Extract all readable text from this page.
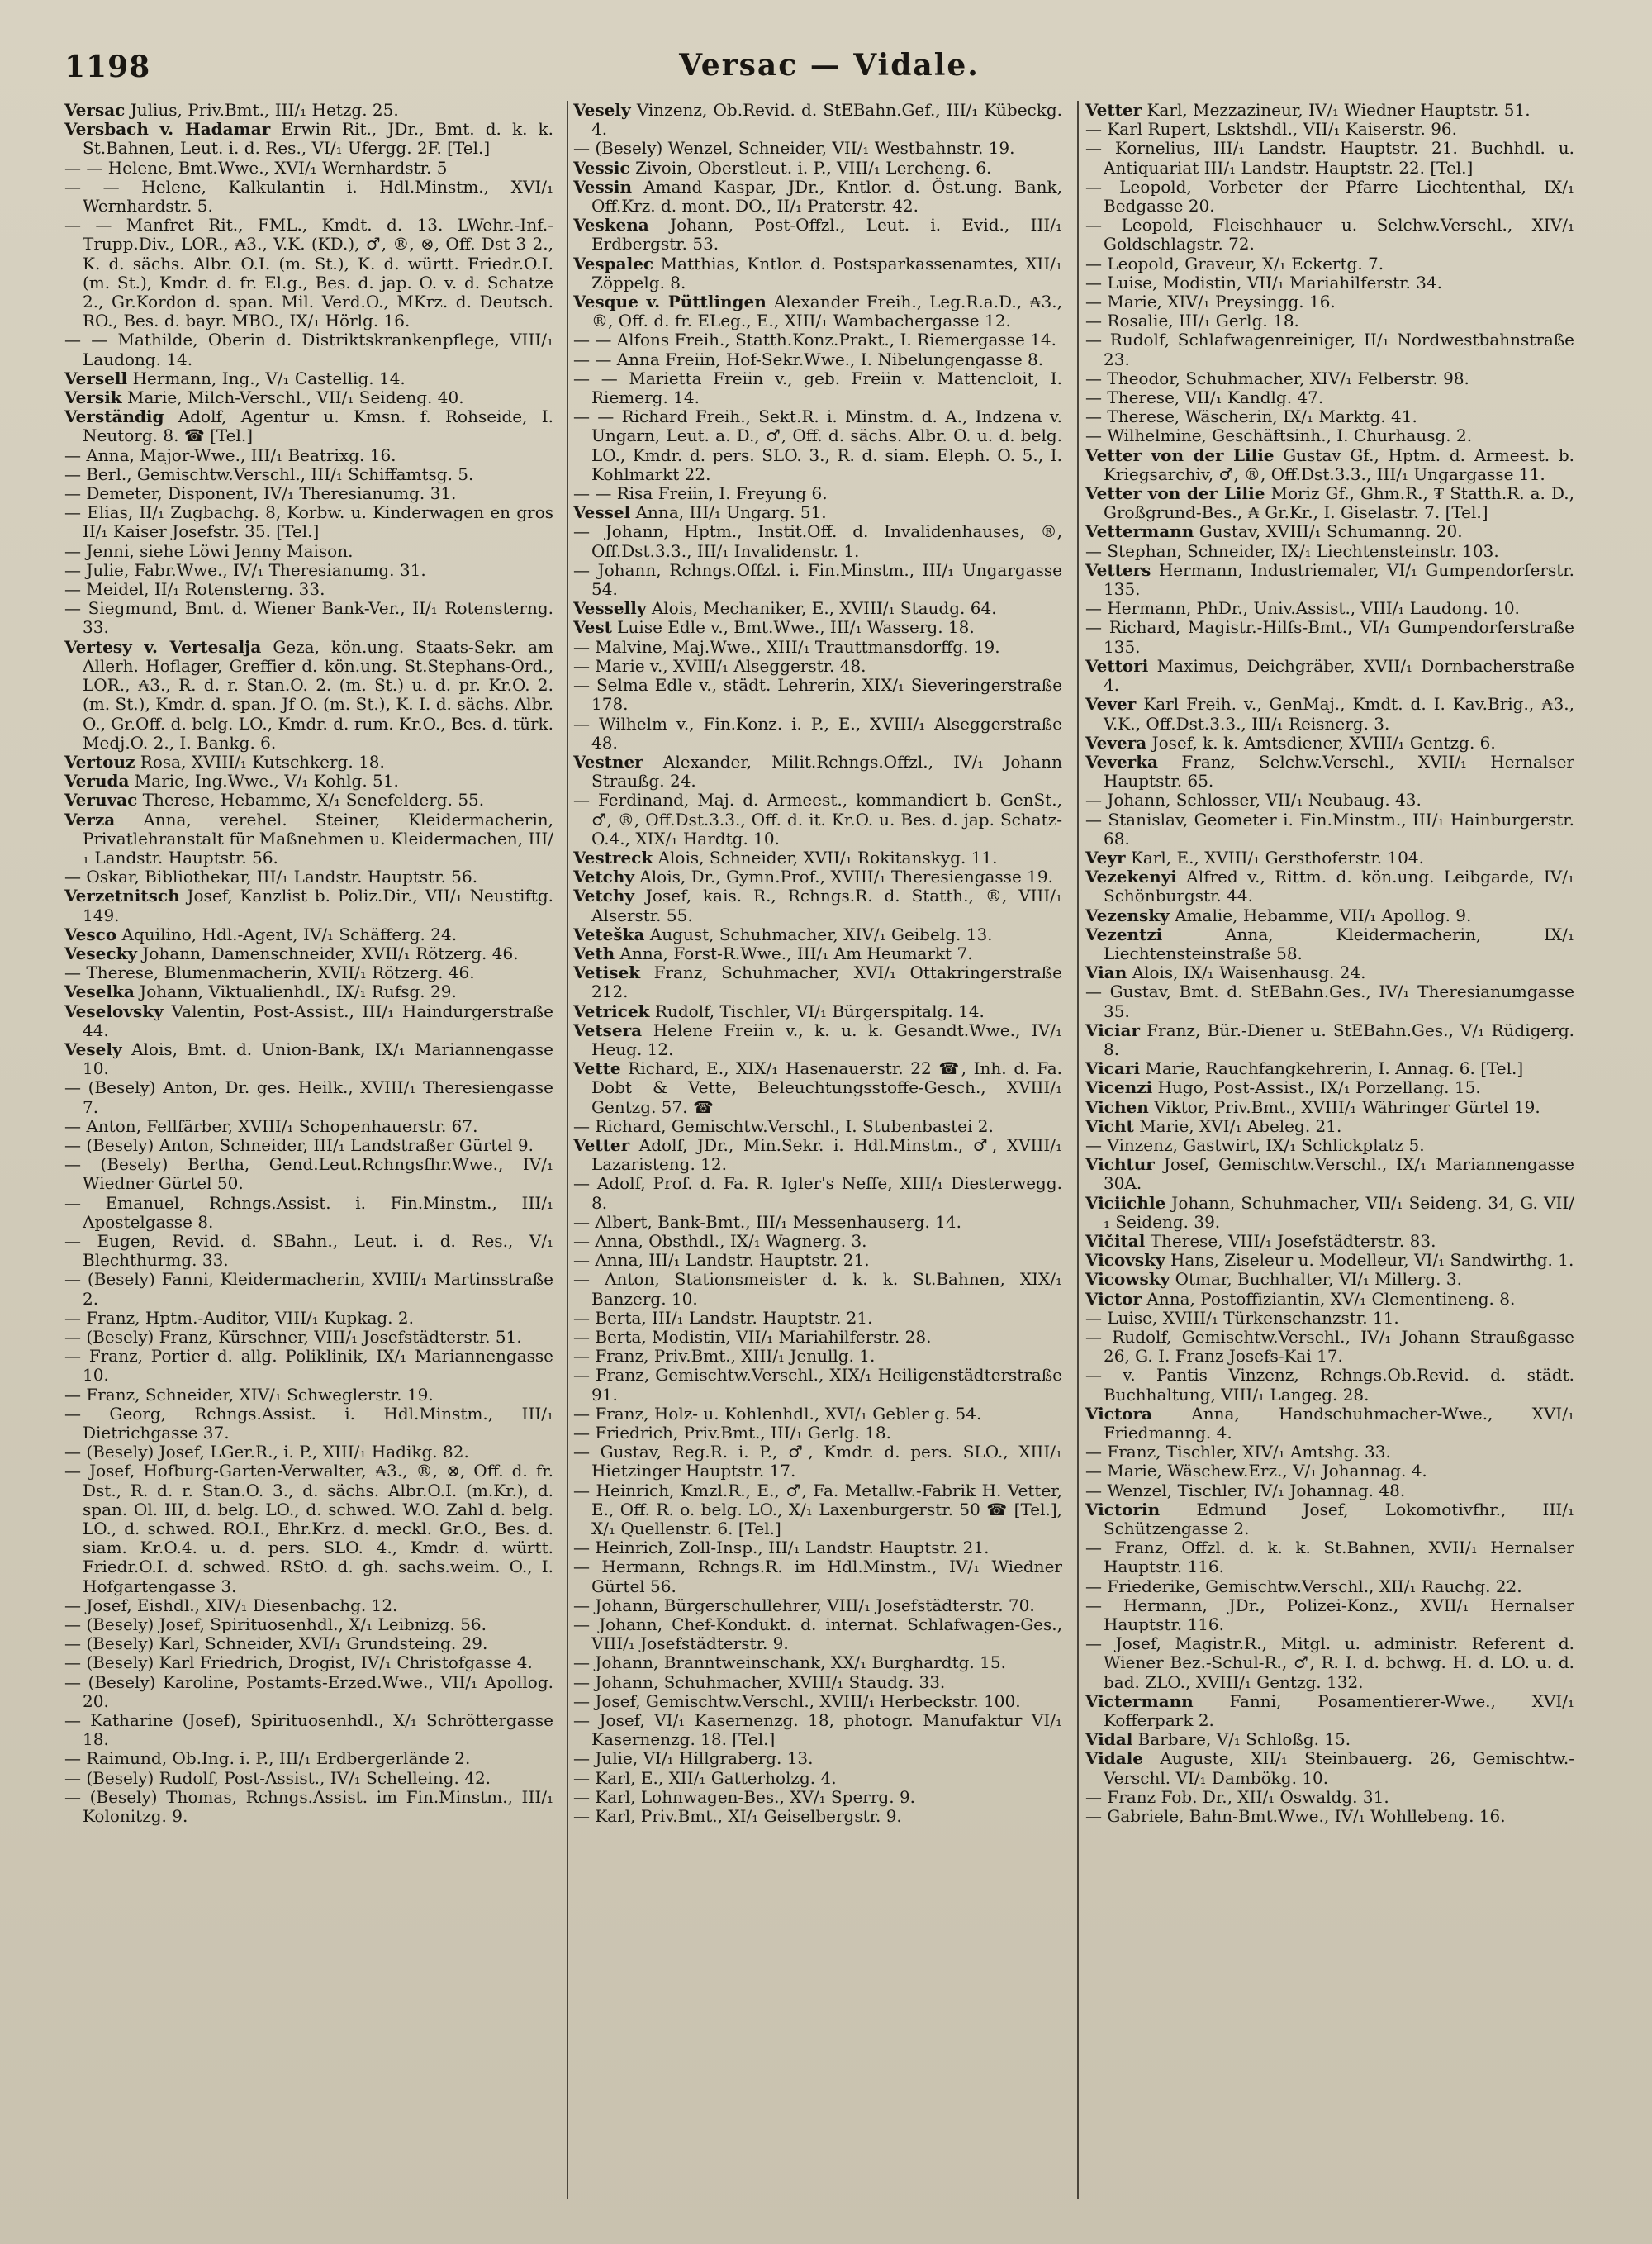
1198	Versac — Vidale.

Versac Julius, Priv.Bmt., III/₁ Hetzg. 25.

Versbach v. Hadamar Erwin Rit., JDr., Bmt. d. k. k. St.Bahnen, Leut. i. d. Res., VI/₁ Ufergg. 2F. [Tel.]

— — Helene, Bmt.Wwe., XVI/₁ Wernhardstr. 5

— — Helene, Kalkulantin i. Hdl.Minstm., XVI/₁ Wernhardstr. 5.

— — Manfret Rit., FML., Kmdt. d. 13. LWehr.-Inf.-Trupp.Div., LOR., ₳3., V.K. (KD.), ♂, ®, ⊗, Off. Dst 3 2., K. d. sächs. Albr. O.I. (m. St.), K. d. württ. Friedr.O.I. (m. St.), Kmdr. d. fr. El.g., Bes. d. jap. O. v. d. Schatze 2., Gr.Kordon d. span. Mil. Verd.O., MKrz. d. Deutsch. RO., Bes. d. bayr. MBO., IX/₁ Hörlg. 16.

— — Mathilde, Oberin d. Distriktskrankenpflege, VIII/₁ Laudong. 14.

Versell Hermann, Ing., V/₁ Castellig. 14.

Versik Marie, Milch-Verschl., VII/₁ Seidenɡ. 40.

Verständig Adolf, Agentur u. Kmsn. f. Rohseide, I. Neutorg. 8. ☎ [Tel.]

— Anna, Major-Wwe., III/₁ Beatrixg. 16.

— Berl., Gemischtw.Verschl., III/₁ Schiffamtsg. 5.

— Demeter, Disponent, IV/₁ Theresianumg. 31.

— Elias, II/₁ Zugbachg. 8, Korbw. u. Kinderwagen en gros II/₁ Kaiser Josefstr. 35. [Tel.]

— Jenni, siehe Löwi Jenny Maison.

— Julie, Fabr.Wwe., IV/₁ Theresianumg. 31.

— Meidel, II/₁ Rotensterng. 33.

— Siegmund, Bmt. d. Wiener Bank-Ver., II/₁ Rotensterng. 33.

Vertesy v. Vertesalja Geza, kön.ung. Staats-Sekr. am Allerh. Hoflager, Greffier d. kön.ung. St.Stephans-Ord., LOR., ₳3., R. d. r. Stan.O. 2. (m. St.) u. d. pr. Kr.O. 2. (m. St.), Kmdr. d. span. Jf O. (m. St.), K. I. d. sächs. Albr. O., Gr.Off. d. belg. LO., Kmdr. d. rum. Kr.O., Bes. d. türk. Medj.O. 2., I. Bankg. 6.

Vertouz Rosa, XVIII/₁ Kutschkerg. 18.

Veruda Marie, Ing.Wwe., V/₁ Kohlg. 51.

Veruvac Therese, Hebamme, X/₁ Senefelderg. 55.

Verza Anna, verehel. Steiner, Kleidermacherin, Privatlehranstalt für Maßnehmen u. Kleidermachen, III/₁ Landstr. Hauptstr. 56.

— Oskar, Bibliothekar, III/₁ Landstr. Hauptstr. 56.

Verzetnitsch Josef, Kanzlist b. Poliz.Dir., VII/₁ Neustiftg. 149.

Vesco Aquilino, Hdl.-Agent, IV/₁ Schäfferg. 24.

Vesecky Johann, Damenschneider, XVII/₁ Rötzerg. 46.

— Therese, Blumenmacherin, XVII/₁ Rötzerg. 46.

Veselka Johann, Viktualienhdl., IX/₁ Rufsg. 29.

Veselovsky Valentin, Post-Assist., III/₁ Haindurgerstraße 44.

Vesely Alois, Bmt. d. Union-Bank, IX/₁ Mariannengasse 10.

— (Besely) Anton, Dr. ges. Heilk., XVIII/₁ Theresiengasse 7.

— Anton, Fellfärber, XVIII/₁ Schopenhauerstr. 67.

— (Besely) Anton, Schneider, III/₁ Landstraßer Gürtel 9.

— (Besely) Bertha, Gend.Leut.Rchngsfhr.Wwe., IV/₁ Wiedner Gürtel 50.

— Emanuel, Rchngs.Assist. i. Fin.Minstm., III/₁ Apostelgasse 8.

— Eugen, Revid. d. SBahn., Leut. i. d. Res., V/₁ Blechthurmg. 33.

— (Besely) Fanni, Kleidermacherin, XVIII/₁ Martinsstraße 2.

— Franz, Hptm.-Auditor, VIII/₁ Kupkag. 2.

— (Besely) Franz, Kürschner, VIII/₁ Josefstädterstr. 51.

— Franz, Portier d. allg. Poliklinik, IX/₁ Mariannengasse 10.

— Franz, Schneider, XIV/₁ Schweglerstr. 19.

— Georg, Rchngs.Assist. i. Hdl.Minstm., III/₁ Dietrichgasse 37.

— (Besely) Josef, LGer.R., i. P., XIII/₁ Hadikg. 82.

— Josef, Hofburg-Garten-Verwalter, ₳3., ®, ⊗, Off. d. fr. Dst., R. d. r. Stan.O. 3., d. sächs. Albr.O.I. (m.Kr.), d. span. Ol. III, d. belg. LO., d. schwed. W.O. Zahl d. belg. LO., d. schwed. RO.I., Ehr.Krz. d. meckl. Gr.O., Bes. d. siam. Kr.O.4. u. d. pers. SLO. 4., Kmdr. d. württ. Friedr.O.I. d. schwed. RStO. d. gh. sachs.weim. O., I. Hofgartengasse 3.

— Josef, Eishdl., XIV/₁ Diesenbachg. 12.

— (Besely) Josef, Spirituosenhdl., X/₁ Leibnizg. 56.

— (Besely) Karl, Schneider, XVI/₁ Grundsteing. 29.

— (Besely) Karl Friedrich, Drogist, IV/₁ Christofgasse 4.

— (Besely) Karoline, Postamts-Erzed.Wwe., VII/₁ Apollog. 20.

— Katharine (Josef), Spirituosenhdl., X/₁ Schröttergasse 18.

— Raimund, Ob.Ing. i. P., III/₁ Erdbergerlände 2.

— (Besely) Rudolf, Post-Assist., IV/₁ Schelleing. 42.

— (Besely) Thomas, Rchngs.Assist. im Fin.Minstm., III/₁ Kolonitzg. 9.

Vesely Vinzenz, Ob.Revid. d. StEBahn.Gef., III/₁ Kübeckg. 4.

— (Besely) Wenzel, Schneider, VII/₁ Westbahnstr. 19.

Vessic Zivoin, Oberstleut. i. P., VIII/₁ Lercheng. 6.

Vessin Amand Kaspar, JDr., Kntlor. d. Öst.ung. Bank, Off.Krz. d. mont. DO., II/₁ Praterstr. 42.

Veskena Johann, Post-Offzl., Leut. i. Evid., III/₁ Erdbergstr. 53.

Vespalec Matthias, Kntlor. d. Postsparkassenamtes, XII/₁ Zöppelg. 8.

Vesque v. Püttlingen Alexander Freih., Leg.R.a.D., ₳3., ®, Off. d. fr. ELeg., E., XIII/₁ Wambachergasse 12.

— — Alfons Freih., Statth.Konz.Prakt., I. Riemergasse 14.

— — Anna Freiin, Hof-Sekr.Wwe., I. Nibelungengasse 8.

— — Marietta Freiin v., geb. Freiin v. Mattencloit, I. Riemerg. 14.

— — Richard Freih., Sekt.R. i. Minstm. d. A., Indzena v. Ungarn, Leut. a. D., ♂, Off. d. sächs. Albr. O. u. d. belg. LO., Kmdr. d. pers. SLO. 3., R. d. siam. Eleph. O. 5., I. Kohlmarkt 22.

— — Risa Freiin, I. Freyung 6.

Vessel Anna, III/₁ Ungarg. 51.

— Johann, Hptm., Instit.Off. d. Invalidenhauses, ®, Off.Dst.3.3., III/₁ Invalidenstr. 1.

— Johann, Rchngs.Offzl. i. Fin.Minstm., III/₁ Ungargasse 54.

Vesselly Alois, Mechaniker, E., XVIII/₁ Staudg. 64.

Vest Luise Edle v., Bmt.Wwe., III/₁ Wasserg. 18.

— Malvine, Maj.Wwe., XIII/₁ Trauttmansdorffg. 19.

— Marie v., XVIII/₁ Alseggerstr. 48.

— Selma Edle v., städt. Lehrerin, XIX/₁ Sieveringerstraße 178.

— Wilhelm v., Fin.Konz. i. P., E., XVIII/₁ Alseggerstraße 48.

Vestner Alexander, Milit.Rchngs.Offzl., IV/₁ Johann Straußg. 24.

— Ferdinand, Maj. d. Armeest., kommandiert b. GenSt., ♂, ®, Off.Dst.3.3., Off. d. it. Kr.O. u. Bes. d. jap. Schatz-O.4., XIX/₁ Hardtg. 10.

Vestreck Alois, Schneider, XVII/₁ Rokitanskyg. 11.

Vetchy Alois, Dr., Gymn.Prof., XVIII/₁ Theresiengasse 19.

Vetchy Josef, kais. R., Rchngs.R. d. Statth., ®, VIII/₁ Alserstr. 55.

Veteška August, Schuhmacher, XIV/₁ Geibelg. 13.

Veth Anna, Forst-R.Wwe., III/₁ Am Heumarkt 7.

Vetisek Franz, Schuhmacher, XVI/₁ Ottakringerstraße 212.

Vetricek Rudolf, Tischler, VI/₁ Bürgerspitalg. 14.

Vetsera Helene Freiin v., k. u. k. Gesandt.Wwe., IV/₁ Heug. 12.

Vette Richard, E., XIX/₁ Hasenauerstr. 22 ☎, Inh. d. Fa. Dobt & Vette, Beleuchtungsstoffe-Gesch., XVIII/₁ Gentzg. 57. ☎

— Richard, Gemischtw.Verschl., I. Stubenbastei 2.

Vetter Adolf, JDr., Min.Sekr. i. Hdl.Minstm., ♂, XVIII/₁ Lazaristeng. 12.

— Adolf, Prof. d. Fa. R. Igler's Neffe, XIII/₁ Diesterwegg. 8.

— Albert, Bank-Bmt., III/₁ Messenhauserg. 14.

— Anna, Obsthdl., IX/₁ Wagnerg. 3.

— Anna, III/₁ Landstr. Hauptstr. 21.

— Anton, Stationsmeister d. k. k. St.Bahnen, XIX/₁ Banzerg. 10.

— Berta, III/₁ Landstr. Hauptstr. 21.

— Berta, Modistin, VII/₁ Mariahilferstr. 28.

— Franz, Priv.Bmt., XIII/₁ Jenullg. 1.

— Franz, Gemischtw.Verschl., XIX/₁ Heiligenstädterstraße 91.

— Franz, Holz- u. Kohlenhdl., XVI/₁ Gebler g. 54.

— Friedrich, Priv.Bmt., III/₁ Gerlg. 18.

— Gustav, Reg.R. i. P., ♂, Kmdr. d. pers. SLO., XIII/₁ Hietzinger Hauptstr. 17.

— Heinrich, Kmzl.R., E., ♂, Fa. Metallw.-Fabrik H. Vetter, E., Off. R. o. belg. LO., X/₁ Laxenburgerstr. 50 ☎ [Tel.], X/₁ Quellenstr. 6. [Tel.]

— Heinrich, Zoll-Insp., III/₁ Landstr. Hauptstr. 21.

— Hermann, Rchngs.R. im Hdl.Minstm., IV/₁ Wiedner Gürtel 56.

— Johann, Bürgerschullehrer, VIII/₁ Josefstädterstr. 70.

— Johann, Chef-Kondukt. d. internat. Schlafwagen-Ges., VIII/₁ Josefstädterstr. 9.

— Johann, Branntweinschank, XX/₁ Burghardtg. 15.

— Johann, Schuhmacher, XVIII/₁ Staudg. 33.

— Josef, Gemischtw.Verschl., XVIII/₁ Herbeckstr. 100.

— Josef, VI/₁ Kasernenzg. 18, photogr. Manufaktur VI/₁ Kasernenzg. 18. [Tel.]

— Julie, VI/₁ Hillgraberg. 13.

— Karl, E., XII/₁ Gatterholzg. 4.

— Karl, Lohnwagen-Bes., XV/₁ Sperrg. 9.

— Karl, Priv.Bmt., XI/₁ Geiselbergstr. 9.

Vetter Karl, Mezzazineur, IV/₁ Wiedner Hauptstr. 51.

— Karl Rupert, Lsktshdl., VII/₁ Kaiserstr. 96.

— Kornelius, III/₁ Landstr. Hauptstr. 21. Buchhdl. u. Antiquariat III/₁ Landstr. Hauptstr. 22. [Tel.]

— Leopold, Vorbeter der Pfarre Liechtenthal, IX/₁ Bedgasse 20.

— Leopold, Fleischhauer u. Selchw.Verschl., XIV/₁ Goldschlagstr. 72.

— Leopold, Graveur, X/₁ Eckertg. 7.

— Luise, Modistin, VII/₁ Mariahilferstr. 34.

— Marie, XIV/₁ Preysingg. 16.

— Rosalie, III/₁ Gerlg. 18.

— Rudolf, Schlafwagenreiniger, II/₁ Nordwestbahnstraße 23.

— Theodor, Schuhmacher, XIV/₁ Felberstr. 98.

— Therese, VII/₁ Kandlg. 47.

— Therese, Wäscherin, IX/₁ Marktg. 41.

— Wilhelmine, Geschäftsinh., I. Churhausg. 2.

Vetter von der Lilie Gustav Gf., Hptm. d. Armeest. b. Kriegsarchiv, ♂, ®, Off.Dst.3.3., III/₁ Ungargasse 11.

Vetter von der Lilie Moriz Gf., Ghm.R., ₮ Statth.R. a. D., Großgrund-Bes., ₳ Gr.Kr., I. Giselastr. 7. [Tel.]

Vettermann Gustav, XVIII/₁ Schumanng. 20.

— Stephan, Schneider, IX/₁ Liechtensteinstr. 103.

Vetters Hermann, Industriemaler, VI/₁ Gumpendorferstr. 135.

— Hermann, PhDr., Univ.Assist., VIII/₁ Laudong. 10.

— Richard, Magistr.-Hilfs-Bmt., VI/₁ Gumpendorferstraße 135.

Vettori Maximus, Deichgräber, XVII/₁ Dornbacherstraße 4.

Vever Karl Freih. v., GenMaj., Kmdt. d. I. Kav.Brig., ₳3., V.K., Off.Dst.3.3., III/₁ Reisnerg. 3.

Vevera Josef, k. k. Amtsdiener, XVIII/₁ Gentzg. 6.

Veverka Franz, Selchw.Verschl., XVII/₁ Hernalser Hauptstr. 65.

— Johann, Schlosser, VII/₁ Neubaug. 43.

— Stanislav, Geometer i. Fin.Minstm., III/₁ Hainburgerstr. 68.

Veyr Karl, E., XVIII/₁ Gersthoferstr. 104.

Vezekenyi Alfred v., Rittm. d. kön.ung. Leibgarde, IV/₁ Schönburgstr. 44.

Vezensky Amalie, Hebamme, VII/₁ Apollog. 9.

Vezentzi	Anna, Kleidermacherin, IX/₁ Liechtensteinstraße 58.

Vian Alois, IX/₁ Waisenhausg. 24.

— Gustav, Bmt. d. StEBahn.Ges., IV/₁ Theresianumgasse 35.

Viciar Franz, Bür.-Diener u. StEBahn.Ges., V/₁ Rüdigerg. 8.

Vicari Marie, Rauchfangkehrerin, I. Annag. 6. [Tel.]

Vicenzi Hugo, Post-Assist., IX/₁ Porzellang. 15.

Vichen Viktor, Priv.Bmt., XVIII/₁ Währinger Gürtel 19.

Vicht Marie, XVI/₁ Abeleg. 21.

— Vinzenz, Gastwirt, IX/₁ Schlickplatz 5.

Vichtur Josef, Gemischtw.Verschl., IX/₁ Mariannengasse 30A.

Viciichle Johann, Schuhmacher, VII/₁ Seideng. 34, G. VII/₁ Seideng. 39.

Vičital Therese, VIII/₁ Josefstädterstr. 83.

Vicovsky Hans, Ziseleur u. Modelleur, VI/₁ Sandwirthg. 1.

Vicowsky Otmar, Buchhalter, VI/₁ Millerg. 3.

Victor Anna, Postoffiziantin, XV/₁ Clementineng. 8.

— Luise, XVIII/₁ Türkenschanzstr. 11.

— Rudolf, Gemischtw.Verschl., IV/₁ Johann Straußgasse 26, G. I. Franz Josefs-Kai 17.

— v. Pantis Vinzenz, Rchngs.Ob.Revid. d. städt. Buchhaltung, VIII/₁ Langeg. 28.

Victora Anna, Handschuhmacher-Wwe., XVI/₁ Friedmanng. 4.

— Franz, Tischler, XIV/₁ Amtshg. 33.

— Marie, Wäschew.Erz., V/₁ Johannag. 4.

— Wenzel, Tischler, IV/₁ Johannag. 48.

Victorin Edmund Josef, Lokomotivfhr., III/₁ Schützengasse 2.

— Franz, Offzl. d. k. k. St.Bahnen, XVII/₁ Hernalser Hauptstr. 116.

— Friederike, Gemischtw.Verschl., XII/₁ Rauchg. 22.

— Hermann, JDr., Polizei-Konz., XVII/₁ Hernalser Hauptstr. 116.

— Josef, Magistr.R., Mitgl. u. administr. Referent d. Wiener Bez.-Schul-R., ♂, R. I. d. bchwg. H. d. LO. u. d. bad. ZLO., XVIII/₁ Gentzg. 132.

Victermann Fanni, Posamentierer-Wwe., XVI/₁ Kofferpark 2.

Vidal Barbare, V/₁ Schloßg. 15.

Vidale Auguste, XII/₁ Steinbauerg. 26, Gemischtw.-Verschl. VI/₁ Dambökg. 10.

— Franz Fob. Dr., XII/₁ Oswaldg. 31.

— Gabriele, Bahn-Bmt.Wwe., IV/₁ Wohllebeng. 16.
